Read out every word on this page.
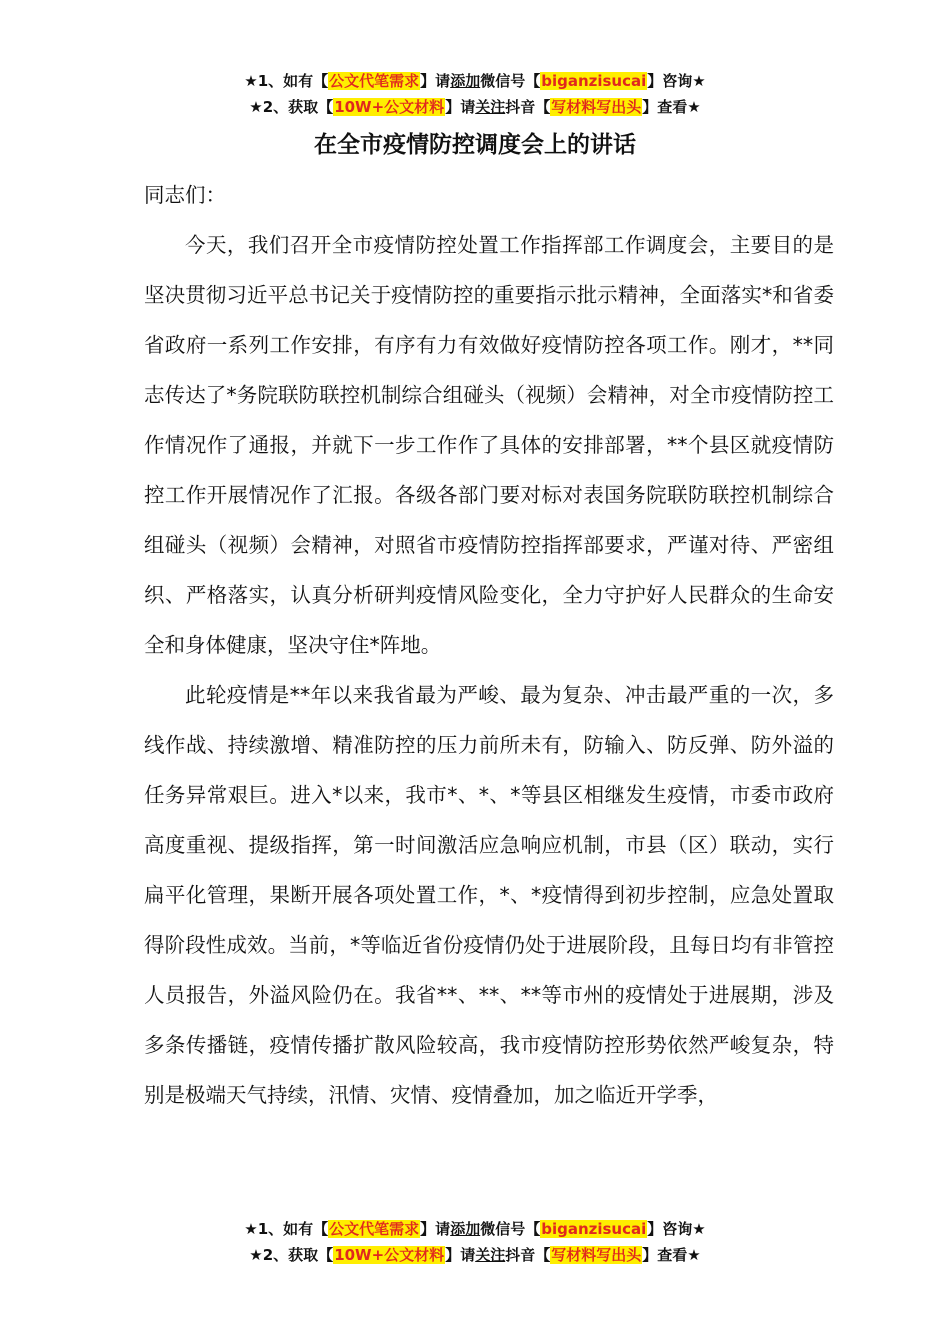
★1、如有【公文代笔需求】请添加微信号【biganzisucai】咨询★
★2、获取【10W+公文材料】请关注抖音【写材料写出头】查看★
在全市疫情防控调度会上的讲话
同志们：

今天，我们召开全市疫情防控处置工作指挥部工作调度会，主要目的是坚决贯彻习近平总书记关于疫情防控的重要指示批示精神，全面落实*和省委省政府一系列工作安排，有序有力有效做好疫情防控各项工作。刚才，**同志传达了*务院联防联控机制综合组碰头（视频）会精神，对全市疫情防控工作情况作了通报，并就下一步工作作了具体的安排部署，**个县区就疫情防控工作开展情况作了汇报。各级各部门要对标对表国务院联防联控机制综合组碰头（视频）会精神，对照省市疫情防控指挥部要求，严谨对待、严密组织、严格落实，认真分析研判疫情风险变化，全力守护好人民群众的生命安全和身体健康，坚决守住*阵地。

此轮疫情是**年以来我省最为严峻、最为复杂、冲击最严重的一次，多线作战、持续激增、精准防控的压力前所未有，防输入、防反弹、防外溢的任务异常艰巨。进入*以来，我市*、*、*等县区相继发生疫情，市委市政府高度重视、提级指挥，第一时间激活应急响应机制，市县（区）联动，实行扁平化管理，果断开展各项处置工作，*、*疫情得到初步控制，应急处置取得阶段性成效。当前，*等临近省份疫情仍处于进展阶段，且每日均有非管控人员报告，外溢风险仍在。我省**、**、**等市州的疫情处于进展期，涉及多条传播链，疫情传播扩散风险较高，我市疫情防控形势依然严峻复杂，特别是极端天气持续，汛情、灾情、疫情叠加，加之临近开学季，

★1、如有【公文代笔需求】请添加微信号【biganzisucai】咨询★
★2、获取【10W+公文材料】请关注抖音【写材料写出头】查看★
